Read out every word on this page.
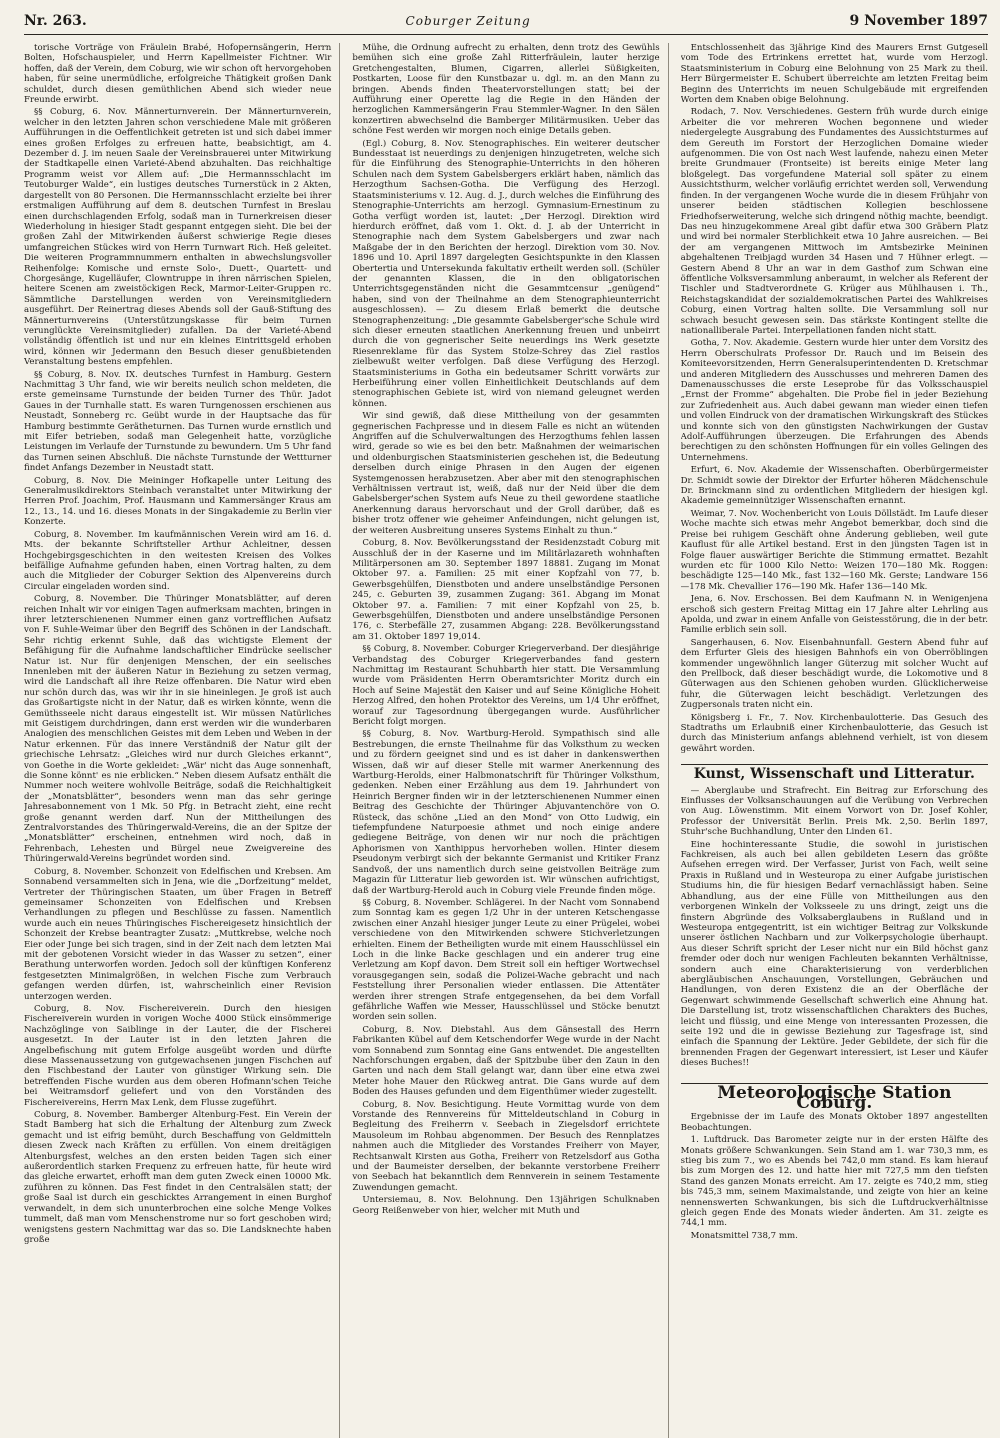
Nr. 263.	Coburger Zeitung	9 November 1897

torische Vorträge von Fräulein Brabé, Hofopernsängerin, Herrn Bolten, Hofschauspieler, und Herrn Kapellmeister Fichtner. Wir hoffen, daß der Verein, dem Coburg, wie wir schon oft hervorgehoben haben, für seine unermüdliche, erfolgreiche Thätigkeit großen Dank schuldet, durch diesen gemüthlichen Abend sich wieder neue Freunde erwirbt.

§§ Coburg, 6. Nov. Männerturnverein. Der Männerturnverein, welcher in den letzten Jahren schon verschiedene Male mit größeren Aufführungen in die Oeffentlichkeit getreten ist und sich dabei immer eines großen Erfolges zu erfreuen hatte, beabsichtigt, am 4. Dezember d. J. im neuen Saale der Vereinsbrauerei unter Mitwirkung der Stadtkapelle einen Varieté-Abend abzuhalten. Das reichhaltige Programm weist vor Allem auf: „Die Hermannsschlacht im Teutoburger Walde“, ein lustiges deutsches Turnerstück in 2 Akten, dargestellt von 80 Personen. Die Hermannsschlacht erzielte bei ihrer erstmaligen Aufführung auf dem 8. deutschen Turnfest in Breslau einen durchschlagenden Erfolg, sodaß man in Turnerkreisen dieser Wiederholung in hiesiger Stadt gespannt entgegen sieht. Die bei der großen Zahl der Mitwirkenden äußerst schwierige Regie dieses umfangreichen Stückes wird von Herrn Turnwart Rich. Heß geleitet. Die weiteren Programmnummern enthalten in abwechslungsvoller Reihenfolge: Komische und ernste Solo-, Duett-, Quartett- und Chorgesänge, Kugelläufer, Clowntruppe in ihren närrischen Spielen, heitere Scenen am zweistöckigen Reck, Marmor-Leiter-Gruppen rc. Sämmtliche Darstellungen werden von Vereinsmitgliedern ausgeführt. Der Reinertrag dieses Abends soll der Gauß-Stiftung des Männerturnvereins (Unterstützungskasse für beim Turnen verunglückte Vereinsmitglieder) zufallen. Da der Varieté-Abend vollständig öffentlich ist und nur ein kleines Eintrittsgeld erhoben wird, können wir Jedermann den Besuch dieser genußbietenden Veranstaltung bestens empfehlen.

§§ Coburg, 8. Nov. IX. deutsches Turnfest in Hamburg. Gestern Nachmittag 3 Uhr fand, wie wir bereits neulich schon meldeten, die erste gemeinsame Turnstunde der beiden Turner des Thür. Jadot Gaues in der Turnhalle statt. Es waren Turngenossen erschienen aus Neustadt, Sonneberg rc. Geübt wurde in der Hauptsache das für Hamburg bestimmte Gerätheturnen. Das Turnen wurde ernstlich und mit Eifer betrieben, sodaß man Gelegenheit hatte, vorzügliche Leistungen im Verlaufe der Turnstunde zu bewundern. Um 5 Uhr fand das Turnen seinen Abschluß. Die nächste Turnstunde der Wettturner findet Anfangs Dezember in Neustadt statt.

Coburg, 8. Nov. Die Meininger Hofkapelle unter Leitung des Generalmusikdirektors Steinbach veranstaltet unter Mitwirkung der Herren Prof. Joachim, Prof. Hausmann und Kammersänger Kraus am 12., 13., 14. und 16. dieses Monats in der Singakademie zu Berlin vier Konzerte.

Coburg, 8. November. Im kaufmännischen Verein wird am 16. d. Mts. der bekannte Schriftsteller Arthur Achleitner, dessen Hochgebirgsgeschichten in den weitesten Kreisen des Volkes beifällige Aufnahme gefunden haben, einen Vortrag halten, zu dem auch die Mitglieder der Coburger Sektion des Alpenvereins durch Circular eingeladen worden sind.

Coburg, 8. November. Die Thüringer Monatsblätter, auf deren reichen Inhalt wir vor einigen Tagen aufmerksam machten, bringen in ihrer letzterschienenen Nummer einen ganz vortrefflichen Aufsatz von F. Suhle-Weimar über den Begriff des Schönen in der Landschaft. Sehr richtig erkennt Suhle, daß das wichtigste Element der Befähigung für die Aufnahme landschaftlicher Eindrücke seelischer Natur ist. Nur für denjenigen Menschen, der ein seelisches Innenleben mit der äußeren Natur in Beziehung zu setzen vermag, wird die Landschaft all ihre Reize offenbaren. Die Natur wird eben nur schön durch das, was wir ihr in sie hineinlegen. Je groß ist auch das Großartigste nicht in der Natur, daß es wirken könnte, wenn die Gemüthsseele nicht daraus eingestellt ist. Wir müssen Natürliches mit Geistigem durchdringen, dann erst werden wir die wunderbaren Analogien des menschlichen Geistes mit dem Leben und Weben in der Natur erkennen. Für das innere Verständniß der Natur gilt der griechische Lehrsatz: „Gleiches wird nur durch Gleiches erkannt“, von Goethe in die Worte gekleidet: „Wär' nicht das Auge sonnenhaft, die Sonne könnt' es nie erblicken.“ Neben diesem Aufsatz enthält die Nummer noch weitere wohlvolle Beiträge, sodaß die Reichhaltigkeit der „Monatsblätter“, besonders wenn man das sehr geringe Jahresabonnement von 1 Mk. 50 Pfg. in Betracht zieht, eine recht große genannt werden darf. Nun der Mittheilungen des Zentralvorstandes des Thüringerwald-Vereins, die an der Spitze der „Monatsblätter“ erscheinen, entnehmen wird noch, daß in Fehrenbach, Lehesten und Bürgel neue Zweigvereine des Thüringerwald-Vereins begründet worden sind.

Coburg, 8. November. Schonzeit von Edelfischen und Krebsen. Am Sonnabend versammelten sich in Jena, wie die „Dorfzeitung“ meldet, Vertreter der Thüringischen Staaten, um über Fragen in Betreff gemeinsamer Schonzeiten von Edelfischen und Krebsen Verhandlungen zu pflegen und Beschlüsse zu fassen. Namentlich wurde auch ein neues Thüringisches Fischereigesetz hinsichtlich der Schonzeit der Krebse beantragter Zusatz: „Muttkrebse, welche noch Eier oder Junge bei sich tragen, sind in der Zeit nach dem letzten Mai mit der gebotenen Vorsicht wieder in das Wasser zu setzen“, einer Berathung unterworfen worden. Jedoch soll der künftigen Konferenz festgesetzten Minimalgrößen, in welchen Fische zum Verbrauch gefangen werden dürfen, ist, wahrscheinlich einer Revision unterzogen werden.

Coburg, 8. Nov. Fischereiverein. Durch den hiesigen Fischereiverein wurden in vorigen Woche 4000 Stück einsömmerige Nachzöglinge von Saiblinge in der Lauter, die der Fischerei ausgesetzt. In der Lauter ist in den letzten Jahren die Angelbefischung mit gutem Erfolge ausgeübt worden und dürfte diese Massenaussetzung von gutgewachsenen jungen Fischchen auf den Fischbestand der Lauter von günstiger Wirkung sein. Die betreffenden Fische wurden aus dem oberen Hofmann'schen Teiche bei Weitramsdorf geliefert und von den Vorständen des Fischereivereins, Herrn Max Lenk, dem Flusse zugeführt.

Coburg, 8. November. Bamberger Altenburg-Fest. Ein Verein der Stadt Bamberg hat sich die Erhaltung der Altenburg zum Zweck gemacht und ist eifrig bemüht, durch Beschaffung von Geldmitteln diesen Zweck nach Kräften zu erfüllen. Von einem dreitägigen Altenburgsfest, welches an den ersten beiden Tagen sich einer außerordentlich starken Frequenz zu erfreuen hatte, für heute wird das gleiche erwartet, erhofft man dem guten Zweck einen 10000 Mk. zuführen zu können. Das Fest findet in den Centralsälen statt; der große Saal ist durch ein geschicktes Arrangement in einen Burghof verwandelt, in dem sich ununterbrochen eine solche Menge Volkes tummelt, daß man vom Menschenstrome nur so fort geschoben wird; wenigstens gestern Nachmittag war das so. Die Landsknechte haben große

Mühe, die Ordnung aufrecht zu erhalten, denn trotz des Gewühls bemühen sich eine große Zahl Ritterfräulein, lauter herzige Gretchengestalten, Blumen, Cigarren, allerlei Süßigkeiten, Postkarten, Loose für den Kunstbazar u. dgl. m. an den Mann zu bringen. Abends finden Theatervorstellungen statt; bei der Aufführung einer Operette lag die Regie in den Händen der herzoglichen Kammersängerin Frau Stemmler-Wagner. In den Sälen konzertiren abwechselnd die Bamberger Militärmusiken. Ueber das schöne Fest werden wir morgen noch einige Details geben.

(Egl.) Coburg, 8. Nov. Stenographisches. Ein weiterer deutscher Bundesstaat ist neuerdings zu denjenigen hinzugetreten, welche sich für die Einführung des Stenographie-Unterrichts in den höheren Schulen nach dem System Gabelsbergers erklärt haben, nämlich das Herzogthum Sachsen-Gotha. Die Verfügung des Herzogl. Staatsministeriums v. 12. Aug. d. J., durch welches die Einführung des Stenographie-Unterrichts am herzogl. Gymnasium-Ernestinum zu Gotha verfügt worden ist, lautet: „Der Herzogl. Direktion wird hierdurch eröffnet, daß vom 1. Okt. d. J. ab der Unterricht in Stenographie nach dem System Gabelsbergers und zwar nach Maßgabe der in den Berichten der herzogl. Direktion vom 30. Nov. 1896 und 10. April 1897 dargelegten Gesichtspunkte in den Klassen Obertertia und Untersekunda fakultativ ertheilt werden soll. (Schüler der genannten Klassen, die in den obligatorischen Unterrichtsgegenständen nicht die Gesammtcensur „genügend“ haben, sind von der Theilnahme an dem Stenographieunterricht ausgeschlossen). — Zu diesem Erlaß bemerkt die deutsche Stenographenzeitung: „Die gesammte Gabelsberger'sche Schule wird sich dieser erneuten staatlichen Anerkennung freuen und unbeirrt durch die von gegnerischer Seite neuerdings ins Werk gesetzte Riesenreklame für das System Stolze-Schrey das Ziel rastlos zielbewußt weiter verfolgen. Daß diese Verfügung des Herzogl. Staatsministeriums in Gotha ein bedeutsamer Schritt vorwärts zur Herbeiführung einer vollen Einheitlichkeit Deutschlands auf dem stenographischen Gebiete ist, wird von niemand geleugnet werden können.

Wir sind gewiß, daß diese Mittheilung von der gesammten gegnerischen Fachpresse und in diesem Falle es nicht an wütenden Angriffen auf die Schulverwaltungen des Herzogthums fehlen lassen wird, gerade so wie es bei den betr. Maßnahmen der weimarischen und oldenburgischen Staatsministerien geschehen ist, die Bedeutung derselben durch einige Phrasen in den Augen der eigenen Systemgenossen herabzusetzen. Aber aber mit den stenographischen Verhältnissen vertraut ist, weiß, daß nur der Neid über die dem Gabelsberger'schen System aufs Neue zu theil gewordene staatliche Anerkennung daraus hervorschaut und der Groll darüber, daß es bisher trotz offener wie geheimer Anfeindungen, nicht gelungen ist, der weiteren Ausbreitung unseres Systems Einhalt zu thun.“

Coburg, 8. Nov. Bevölkerungsstand der Residenzstadt Coburg mit Ausschluß der in der Kaserne und im Militärlazareth wohnhaften Militärpersonen am 30. September 1897 18881. Zugang im Monat Oktober 97. a. Familien: 25 mit einer Kopfzahl von 77, b. Gewerbsgehülfen, Dienstboten und andere unselbständige Personen 245, c. Geburten 39, zusammen Zugang: 361. Abgang im Monat Oktober 97. a. Familien: 7 mit einer Kopfzahl von 25, b. Gewerbsgehülfen, Dienstboten und andere unselbständige Personen 176, c. Sterbefälle 27, zusammen Abgang: 228. Bevölkerungsstand am 31. Oktober 1897 19,014.

§§ Coburg, 8. November. Coburger Kriegerverband. Der diesjährige Verbandstag des Coburger Kriegerverbandes fand gestern Nachmittag im Restaurant Schuhbarth hier statt. Die Versammlung wurde vom Präsidenten Herrn Oberamtsrichter Moritz durch ein Hoch auf Seine Majestät den Kaiser und auf Seine Königliche Hoheit Herzog Alfred, den hohen Protektor des Vereins, um 1/4 Uhr eröffnet, worauf zur Tagesordnung übergegangen wurde. Ausführlicher Bericht folgt morgen.

§§ Coburg, 8. Nov. Wartburg-Herold. Sympathisch sind alle Bestrebungen, die ernste Theilnahme für das Volksthum zu wecken und zu fördern geeignet sind und es ist daher in dankenswerthen Wissen, daß wir auf dieser Stelle mit warmer Anerkennung des Wartburg-Herolds, einer Halbmonatschrift für Thüringer Volksthum, gedenken. Neben einer Erzählung aus dem 19. Jahrhundert von Heinrich Bergner finden wir in der letzterschienenen Nummer einen Beitrag des Geschichte der Thüringer Abjuvantenchöre von O. Rüsteck, das schöne „Lied an den Mond“ von Otto Ludwig, ein tiefempfundene Naturpoesie athmet und noch einige andere gediegene Beiträge, von denen wir nur noch die prächtigen Aphorismen von Xanthippus hervorheben wollen. Hinter diesem Pseudonym verbirgt sich der bekannte Germanist und Kritiker Franz Sandvoß, der uns namentlich durch seine geistvollen Beiträge zum Magazin für Litteratur lieb geworden ist. Wir wünschen aufrichtigst, daß der Wartburg-Herold auch in Coburg viele Freunde finden möge.

§§ Coburg, 8. November. Schlägerei. In der Nacht vom Sonnabend zum Sonntag kam es gegen 1/2 Uhr in der unteren Ketschengasse zwischen einer Anzahl hiesiger junger Leute zu einer Prügelei, wobei verschiedene von den Mitwirkenden schwere Stichverletzungen erhielten. Einem der Betheiligten wurde mit einem Hausschlüssel ein Loch in die linke Backe geschlagen und ein anderer trug eine Verletzung am Kopf davon. Dem Streit soll ein heftiger Wortwechsel vorausgegangen sein, sodaß die Polizei-Wache gebracht und nach Feststellung ihrer Personalien wieder entlassen. Die Attentäter werden ihrer strengen Strafe entgegensehen, da bei dem Vorfall gefährliche Waffen wie Messer, Hausschlüssel und Stöcke benutzt worden sein sollen.

Coburg, 8. Nov. Diebstahl. Aus dem Gänsestall des Herrn Fabrikanten Kübel auf dem Ketschendorfer Wege wurde in der Nacht vom Sonnabend zum Sonntag eine Gans entwendet. Die angestellten Nachforschungen ergaben, daß der Spitzbube über den Zaun in den Garten und nach dem Stall gelangt war, dann über eine etwa zwei Meter hohe Mauer den Rückweg antrat. Die Gans wurde auf dem Boden des Hauses gefunden und dem Eigenthümer wieder zugestellt.

Coburg, 8. Nov. Besichtigung. Heute Vormittag wurde von dem Vorstande des Rennvereins für Mitteldeutschland in Coburg in Begleitung des Freiherrn v. Seebach in Ziegelsdorf errichtete Mausoleum im Rohbau abgenommen. Der Besuch des Rennplatzes nahmen auch die Mitglieder des Vorstandes Freiherr von Mayer, Rechtsanwalt Kirsten aus Gotha, Freiherr von Retzelsdorf aus Gotha und der Baumeister derselben, der bekannte verstorbene Freiherr von Seebach hat bekanntlich dem Rennverein in seinem Testamente Zuwendungen gemacht.

Untersiemau, 8. Nov. Belohnung. Den 13jährigen Schulknaben Georg Reißenweber von hier, welcher mit Muth und

Entschlossenheit das 3jährige Kind des Maurers Ernst Gutgesell vom Tode des Ertrinkens errettet hat, wurde vom Herzogl. Staatsministerium in Coburg eine Belohnung von 25 Mark zu theil. Herr Bürgermeister E. Schubert überreichte am letzten Freitag beim Beginn des Unterrichts im neuen Schulgebäude mit ergreifenden Worten dem Knaben obige Belohnung.

Rodach, 7. Nov. Verschiedenes. Gestern früh wurde durch einige Arbeiter die vor mehreren Wochen begonnene und wieder niedergelegte Ausgrabung des Fundamentes des Aussichtsturmes auf dem Gereuth im Forstort der Herzoglichen Domaine wieder aufgenommen. Die von Ost nach West laufende, nahezu einen Meter breite Grundmauer (Frontseite) ist bereits einige Meter lang bloßgelegt. Das vorgefundene Material soll später zu einem Aussichtsthurm, welcher vorläufig errichtet werden soll, Verwendung finden. In der vergangenen Woche wurde die in diesem Frühjahr von unserer beiden städtischen Kollegien beschlossene Friedhofserweiterung, welche sich dringend nöthig machte, beendigt. Das neu hinzugekommene Areal gibt dafür etwa 300 Gräbern Platz und wird bei normaler Sterblichkeit etwa 10 Jahre ausreichen. — Bei der am vergangenen Mittwoch im Amtsbezirke Meininen abgehaltenen Treibjagd wurden 34 Hasen und 7 Hühner erlegt. — Gestern Abend 8 Uhr an war in dem Gasthof zum Schwan eine öffentliche Volksversammlung anberaumt, in welcher als Referent der Tischler und Stadtverordnete G. Krüger aus Mühlhausen i. Th., Reichstagskandidat der sozialdemokratischen Partei des Wahlkreises Coburg, einen Vortrag halten sollte. Die Versammlung soll nur schwach besucht gewesen sein. Das stärkste Kontingent stellte die nationalliberale Partei. Interpellationen fanden nicht statt.

Gotha, 7. Nov. Akademie. Gestern wurde hier unter dem Vorsitz des Herrn Oberschulrats Professor Dr. Rauch und im Beisein des Komiteevorsitzenden, Herrn Generalsuperintendenten D. Kretschmar und anderen Mitgliedern des Ausschusses und mehreren Damen des Damenausschusses die erste Leseprobe für das Volksschauspiel „Ernst der Fromme“ abgehalten. Die Probe fiel in jeder Beziehung zur Zufriedenheit aus. Auch dabei gewann man wieder einen tiefen und vollen Eindruck von der dramatischen Wirkungskraft des Stückes und konnte sich von den günstigsten Nachwirkungen der Gustav Adolf-Aufführungen überzeugen. Die Erfahrungen des Abends berechtigen zu den schönsten Hoffnungen für ein volles Gelingen des Unternehmens.

Erfurt, 6. Nov. Akademie der Wissenschaften. Oberbürgermeister Dr. Schmidt sowie der Direktor der Erfurter höheren Mädchenschule Dr. Brinckmann sind zu ordentlichen Mitgliedern der hiesigen kgl. Akademie gemeinnütziger Wissenschaften ernannt.

Weimar, 7. Nov. Wochenbericht von Louis Döllstädt. Im Laufe dieser Woche machte sich etwas mehr Angebot bemerkbar, doch sind die Preise bei ruhigem Geschäft ohne Änderung geblieben, weil gute Kauflust für alle Artikel bestand. Erst in den jüngsten Tagen ist in Folge flauer auswärtiger Berichte die Stimmung ermattet. Bezahlt wurden etc für 1000 Kilo Netto: Weizen 170—180 Mk. Roggen: beschädigte 125—140 Mk., fast 132—160 Mk. Gerste; Landware 156—178 Mk. Chevallier 176—190 Mk. Hafer 136—140 Mk.

Jena, 6. Nov. Erschossen. Bei dem Kaufmann N. in Wenigenjena erschoß sich gestern Freitag Mittag ein 17 Jahre alter Lehrling aus Apolda, und zwar in einem Anfalle von Geistesstörung, die in der betr. Familie erblich sein soll.

Sangerhausen, 6. Nov. Eisenbahnunfall. Gestern Abend fuhr auf dem Erfurter Gleis des hiesigen Bahnhofs ein von Oberröblingen kommender ungewöhnlich langer Güterzug mit solcher Wucht auf den Prellbock, daß dieser beschädigt wurde, die Lokomotive und 8 Güterwagen aus den Schienen gehoben wurden. Glücklicherweise fuhr, die Güterwagen leicht beschädigt. Verletzungen des Zugpersonals traten nicht ein.

Königsberg i. Fr., 7. Nov. Kirchenbaulotterie. Das Gesuch des Stadtraths um Erlaubniß einer Kirchenbaulotterie, das Gesuch ist durch das Ministerium anfangs ablehnend verhielt, ist von diesem gewährt worden.

Kunst, Wissenschaft und Litteratur.

— Aberglaube und Strafrecht. Ein Beitrag zur Erforschung des Einflusses der Volksanschauungen auf die Verübung von Verbrechen von Aug. Löwenstimm. Mit einem Vorwort von Dr. Josef Kohler, Professor der Universität Berlin. Preis Mk. 2,50. Berlin 1897, Stuhr'sche Buchhandlung, Unter den Linden 61.

Eine hochinteressante Studie, die sowohl in juristischen Fachkreisen, als auch bei allen gebildeten Lesern das größte Aufsehen erregen wird. Der Verfasser, Jurist von Fach, weilt seine Praxis in Rußland und in Westeuropa zu einer Aufgabe juristischen Studiums hin, die für hiesigen Bedarf vernachlässigt haben. Seine Abhandlung, aus der eine Fülle von Mittheilungen aus den verborgenen Winkeln der Volksseele zu uns dringt, zeigt uns die finstern Abgründe des Volksaberglaubens in Rußland und in Westeuropa entgegentritt, ist ein wichtiger Beitrag zur Volkskunde unserer östlichen Nachbarn und zur Volkerpsychologie überhaupt. Aus dieser Schrift spricht der Leser nicht nur ein Bild höchst ganz fremder oder doch nur wenigen Fachleuten bekannten Verhältnisse, sondern auch eine Charakterisierung von verderblichen abergläubischen Anschauungen, Vorstellungen, Gebräuchen und Handlungen, von deren Existenz die an der Oberfläche der Gegenwart schwimmende Gesellschaft schwerlich eine Ahnung hat. Die Darstellung ist, trotz wissenschaftlichen Charakters des Buches, leicht und flüssig, und eine Menge von interessanten Prozessen, die seite 192 und die in gewisse Beziehung zur Tagesfrage ist, sind einfach die Spannung der Lektüre. Jeder Gebildete, der sich für die brennenden Fragen der Gegenwart interessiert, ist Leser und Käufer dieses Buches!!

Meteorologische Station Coburg.

Ergebnisse der im Laufe des Monats Oktober 1897 angestellten Beobachtungen.

1. Luftdruck. Das Barometer zeigte nur in der ersten Hälfte des Monats größere Schwankungen. Sein Stand am 1. war 730,3 mm, es stieg bis zum 7., wo es Abends bei 742,0 mm stand. Es kam hierauf bis zum Morgen des 12. und hatte hier mit 727,5 mm den tiefsten Stand des ganzen Monats erreicht. Am 17. zeigte es 740,2 mm, stieg bis 745,3 mm, seinem Maximalstande, und zeigte von hier an keine nennenswerten Schwankungen, bis sich die Luftdruckverhältnisse gleich gegen Ende des Monats wieder änderten. Am 31. zeigte es 744,1 mm.

Monatsmittel 738,7 mm.
